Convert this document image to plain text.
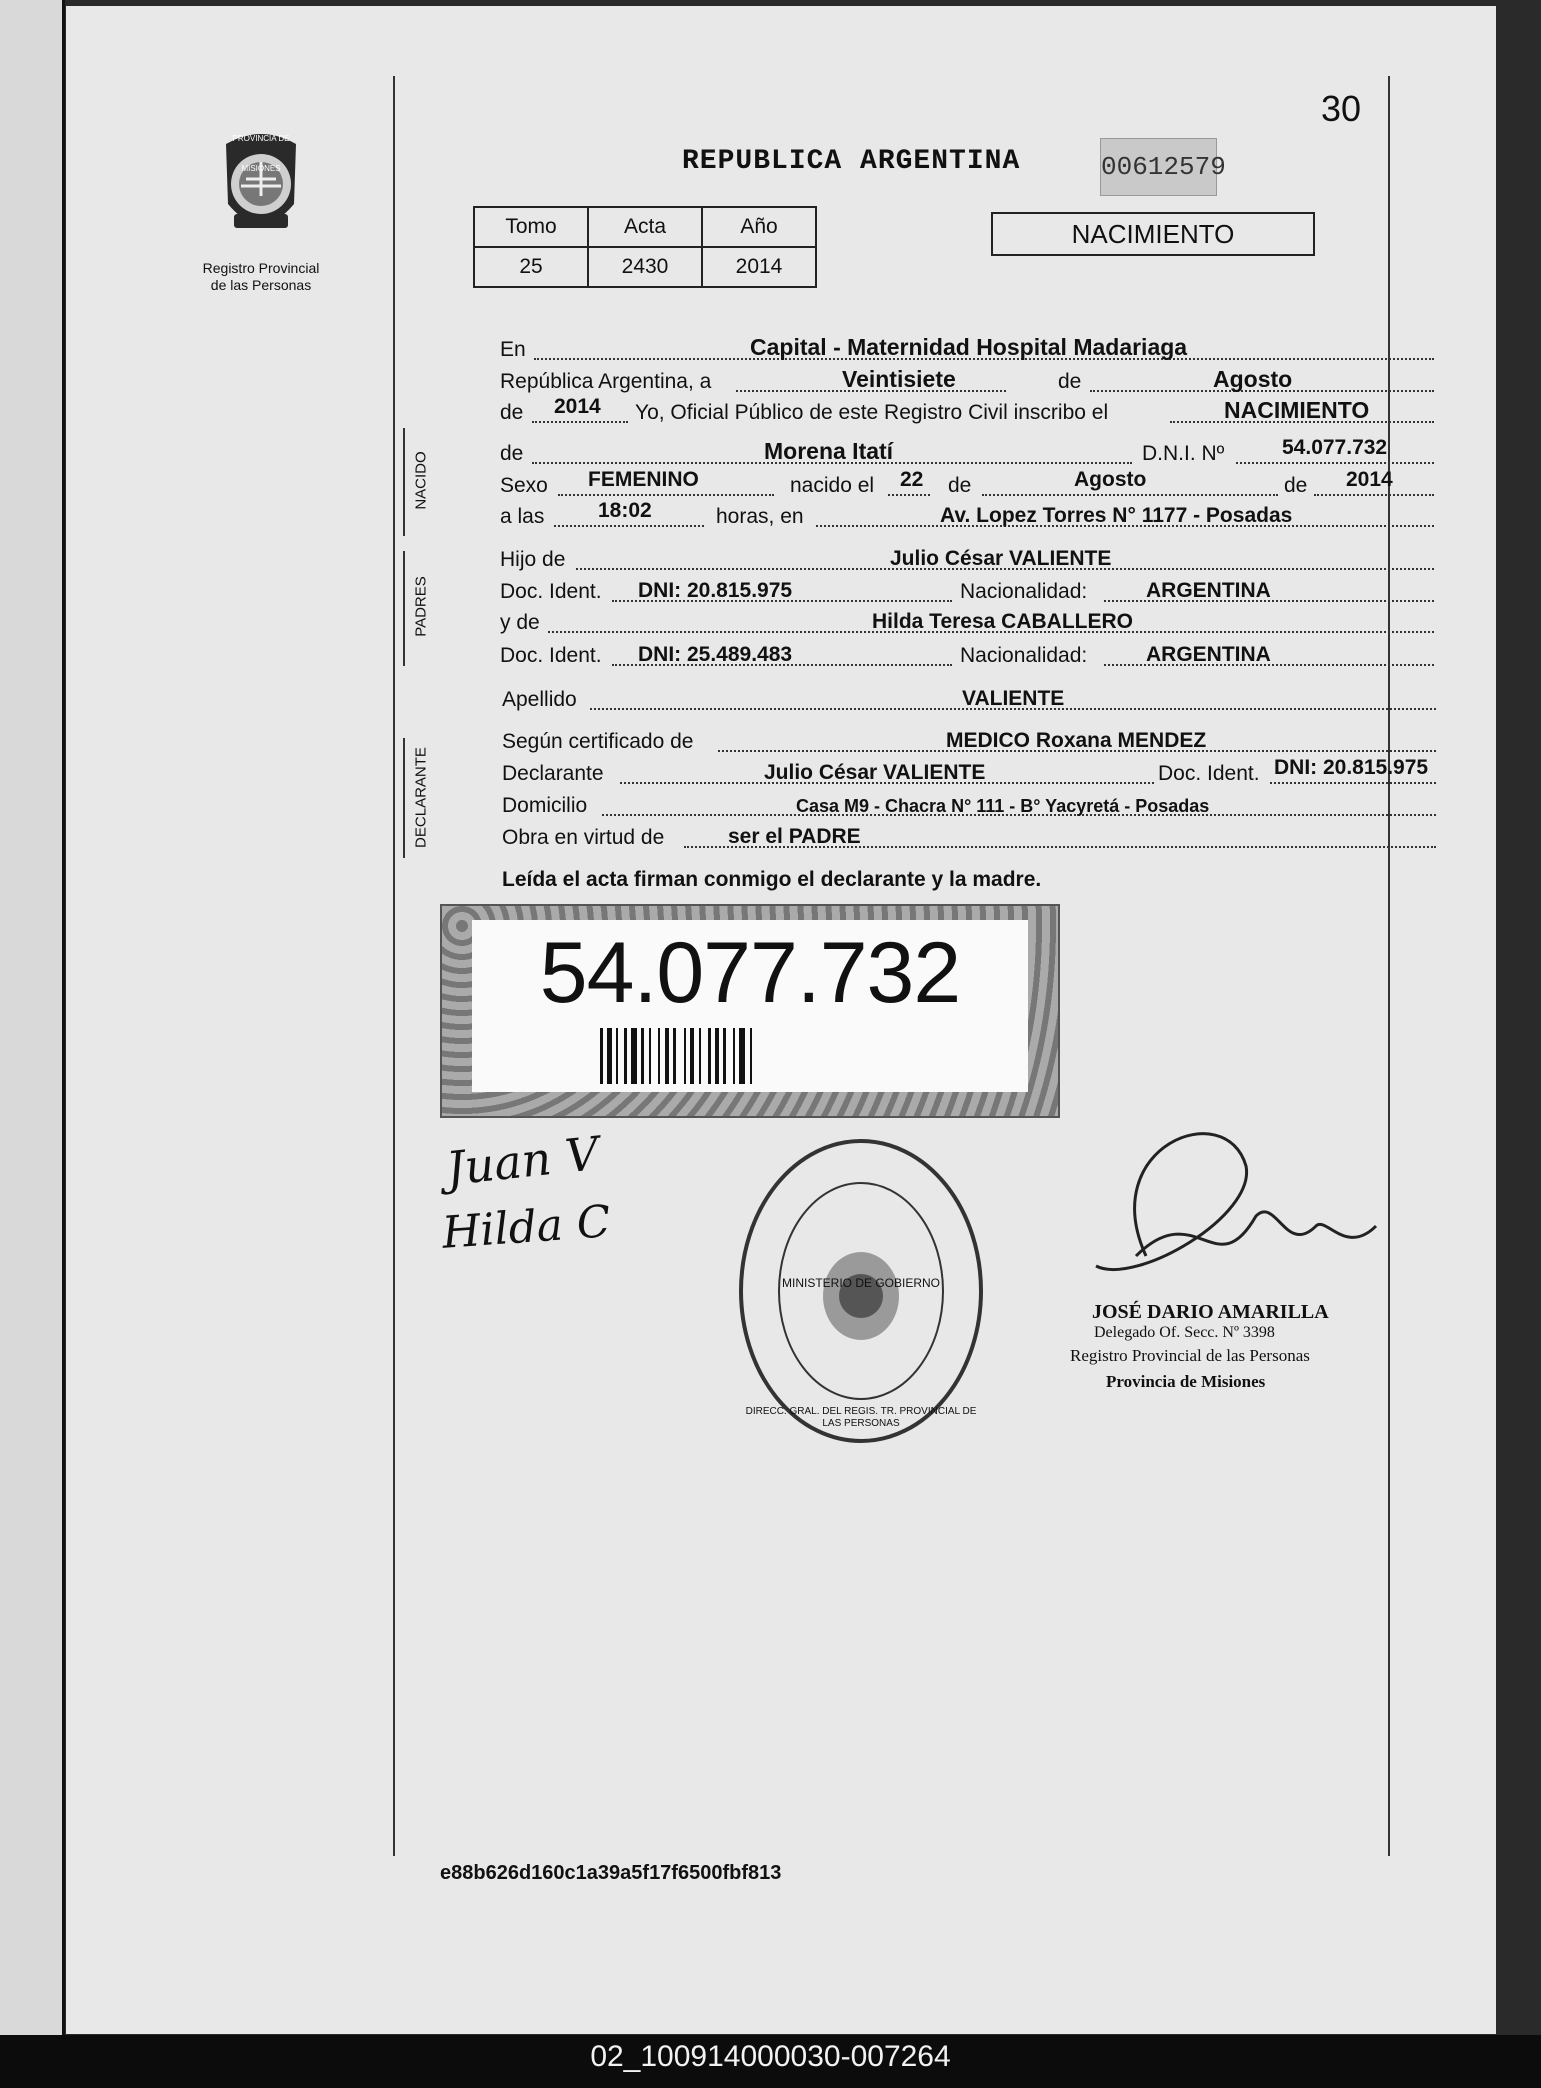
30
PROVINCIA DE MISIONES
Registro Provincial
de las Personas
REPUBLICA ARGENTINA	00612579
Tomo	Acta	Año
25	2430	2014
NACIMIENTO
NACIDO
PADRES
DECLARANTE
En	Capital - Maternidad Hospital Madariaga
República Argentina, a	Veintisiete	de	Agosto
de 2014 Yo, Oficial Público de este Registro Civil inscribo el	NACIMIENTO
de	Morena Itatí	D.N.I. Nº	54.077.732
Sexo FEMENINO	nacido el 22 de	Agosto	de 2014
a las	18:02	horas, en	Av. Lopez Torres N° 1177 - Posadas
Hijo de	Julio César VALIENTE
Doc. Ident. DNI: 20.815.975	Nacionalidad:	ARGENTINA
y de	Hilda Teresa CABALLERO
Doc. Ident. DNI: 25.489.483	Nacionalidad:	ARGENTINA
Apellido	VALIENTE
Según certificado de	MEDICO Roxana MENDEZ
Declarante	Julio César VALIENTE	Doc. Ident. DNI: 20.815.975
Domicilio	Casa M9 - Chacra N° 111 - B° Yacyretá - Posadas
Obra en virtud de	ser el PADRE
Leída el acta firman conmigo el declarante y la madre.
54.077.732
Juan V
Hilda C
MINISTERIO DE GOBIERNO
DIRECC. GRAL. DEL REGIS. TR. PROVINCIAL DE LAS PERSONAS
JOSÉ DARIO AMARILLA
Delegado Of. Secc. Nº 3398
Registro Provincial de las Personas
Provincia de Misiones
e88b626d160c1a39a5f17f6500fbf813
02_100914000030-007264
